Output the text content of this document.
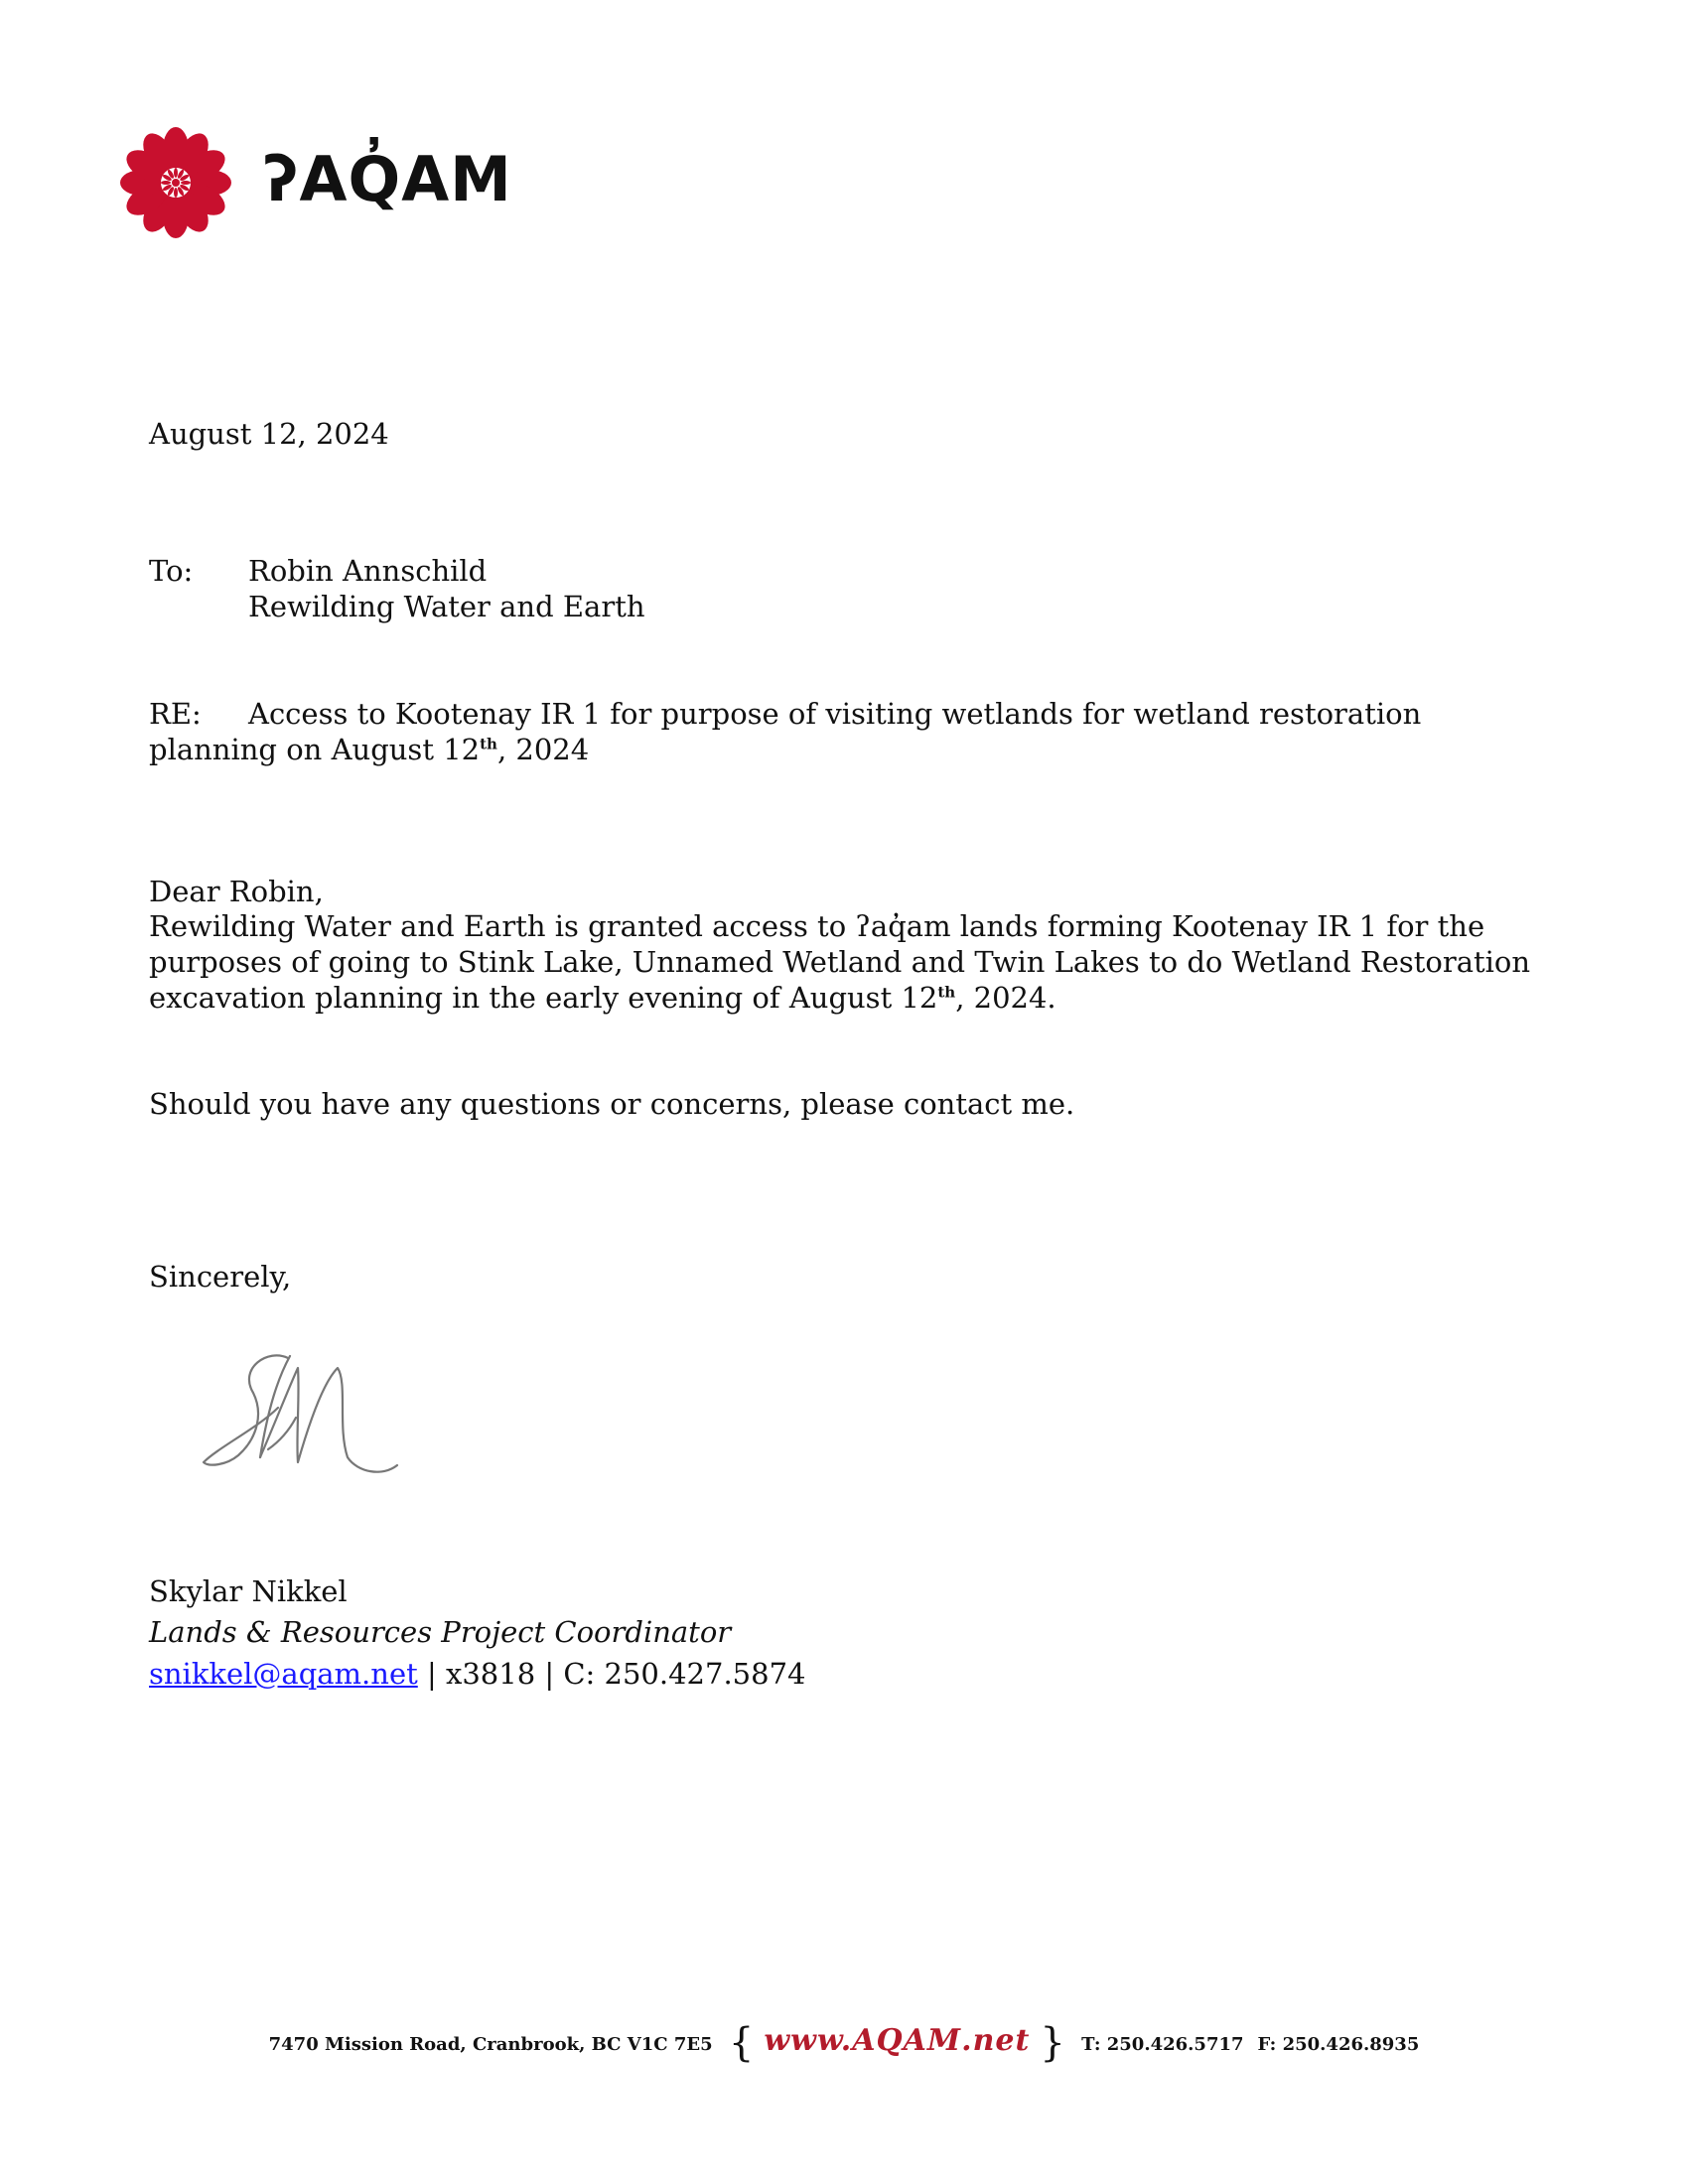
ʔAQ̓AM
August 12, 2024
To: Robin Annschild
Rewilding Water and Earth
RE: Access to Kootenay IR 1 for purpose of visiting wetlands for wetland restoration planning on August 12th, 2024
Dear Robin,
Rewilding Water and Earth is granted access to ʔaq̓am lands forming Kootenay IR 1 for the purposes of going to Stink Lake, Unnamed Wetland and Twin Lakes to do Wetland Restoration excavation planning in the early evening of August 12th, 2024.
Should you have any questions or concerns, please contact me.
Sincerely,
Skylar Nikkel
Lands & Resources Project Coordinator
snikkel@aqam.net | x3818 | C: 250.427.5874
7470 Mission Road, Cranbrook, BC V1C 7E5 { www.AQAM.net } T: 250.426.5717 F: 250.426.8935
